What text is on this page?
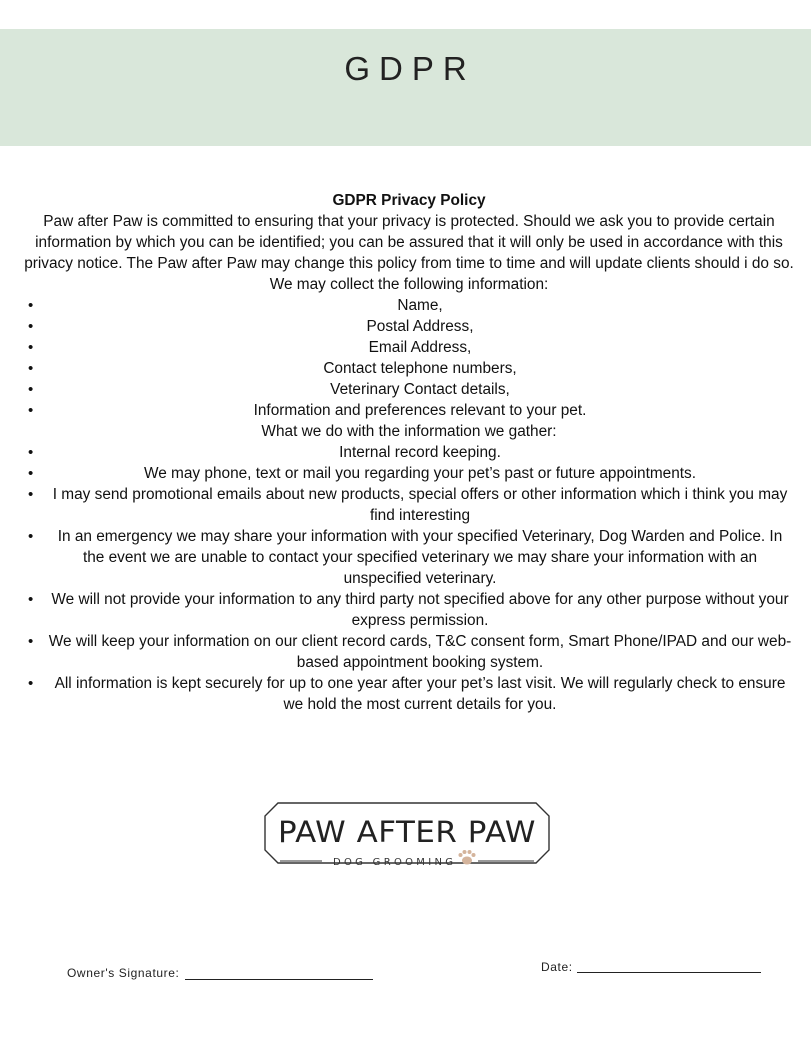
GDPR

GDPR Privacy Policy

Paw after Paw is committed to ensuring that your privacy is protected. Should we ask you to provide certain information by which you can be identified; you can be assured that it will only be used in accordance with this privacy notice. The Paw after Paw may change this policy from time to time and will update clients should i do so.

We may collect the following information:

•	Name,
•	Postal Address,
•	Email Address,
•	Contact telephone numbers,
•	Veterinary Contact details,
•	Information and preferences relevant to your pet.

What we do with the information we gather:

•	Internal record keeping.
•	We may phone, text or mail you regarding your pet’s past or future appointments.
• I may send promotional emails about new products, special offers or other information which i think you may find interesting
• In an emergency we may share your information with your specified Veterinary, Dog Warden and Police. In the event we are unable to contact your specified veterinary we may share your information with an unspecified veterinary.
• We will not provide your information to any third party not specified above for any other purpose without your express permission.
• We will keep your information on our client record cards, T&C consent form, Smart Phone/IPAD and our web-based appointment booking system.
• All information is kept securely for up to one year after your pet’s last visit. We will regularly check to ensure we hold the most current details for you.
PAW AFTER PAW
DOG GROOMING
Owner's Signature:	Date:
